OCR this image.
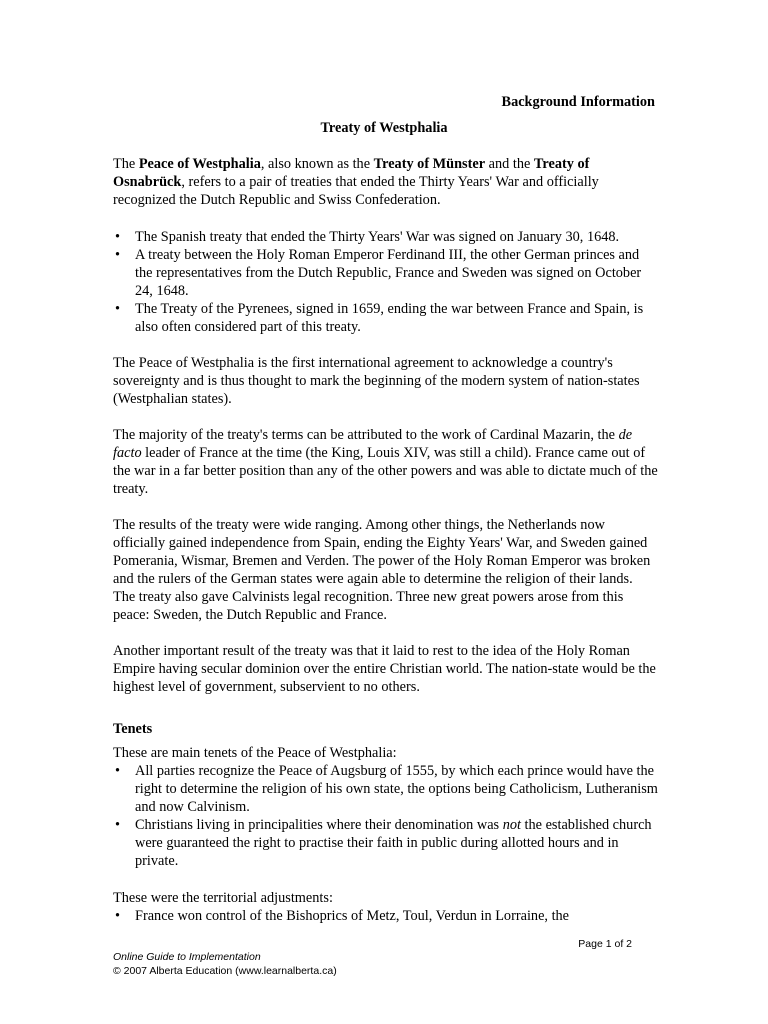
Background Information
Treaty of Westphalia

The Peace of Westphalia, also known as the Treaty of Münster and the Treaty of Osnabrück, refers to a pair of treaties that ended the Thirty Years' War and officially recognized the Dutch Republic and Swiss Confederation.

• The Spanish treaty that ended the Thirty Years' War was signed on January 30, 1648.
• A treaty between the Holy Roman Emperor Ferdinand III, the other German princes and the representatives from the Dutch Republic, France and Sweden was signed on October 24, 1648.
• The Treaty of the Pyrenees, signed in 1659, ending the war between France and Spain, is also often considered part of this treaty.

The Peace of Westphalia is the first international agreement to acknowledge a country's sovereignty and is thus thought to mark the beginning of the modern system of nation-states (Westphalian states).

The majority of the treaty's terms can be attributed to the work of Cardinal Mazarin, the de facto leader of France at the time (the King, Louis XIV, was still a child). France came out of the war in a far better position than any of the other powers and was able to dictate much of the treaty.

The results of the treaty were wide ranging. Among other things, the Netherlands now officially gained independence from Spain, ending the Eighty Years' War, and Sweden gained Pomerania, Wismar, Bremen and Verden. The power of the Holy Roman Emperor was broken and the rulers of the German states were again able to determine the religion of their lands. The treaty also gave Calvinists legal recognition. Three new great powers arose from this peace: Sweden, the Dutch Republic and France.

Another important result of the treaty was that it laid to rest to the idea of the Holy Roman Empire having secular dominion over the entire Christian world. The nation-state would be the highest level of government, subservient to no others.

Tenets

These are main tenets of the Peace of Westphalia:

• All parties recognize the Peace of Augsburg of 1555, by which each prince would have the right to determine the religion of his own state, the options being Catholicism, Lutheranism and now Calvinism.
• Christians living in principalities where their denomination was not the established church were guaranteed the right to practise their faith in public during allotted hours and in private.

These were the territorial adjustments:

• France won control of the Bishoprics of Metz, Toul, Verdun in Lorraine, the
Page 1 of 2
Online Guide to Implementation
© 2007 Alberta Education (www.learnalberta.ca)
